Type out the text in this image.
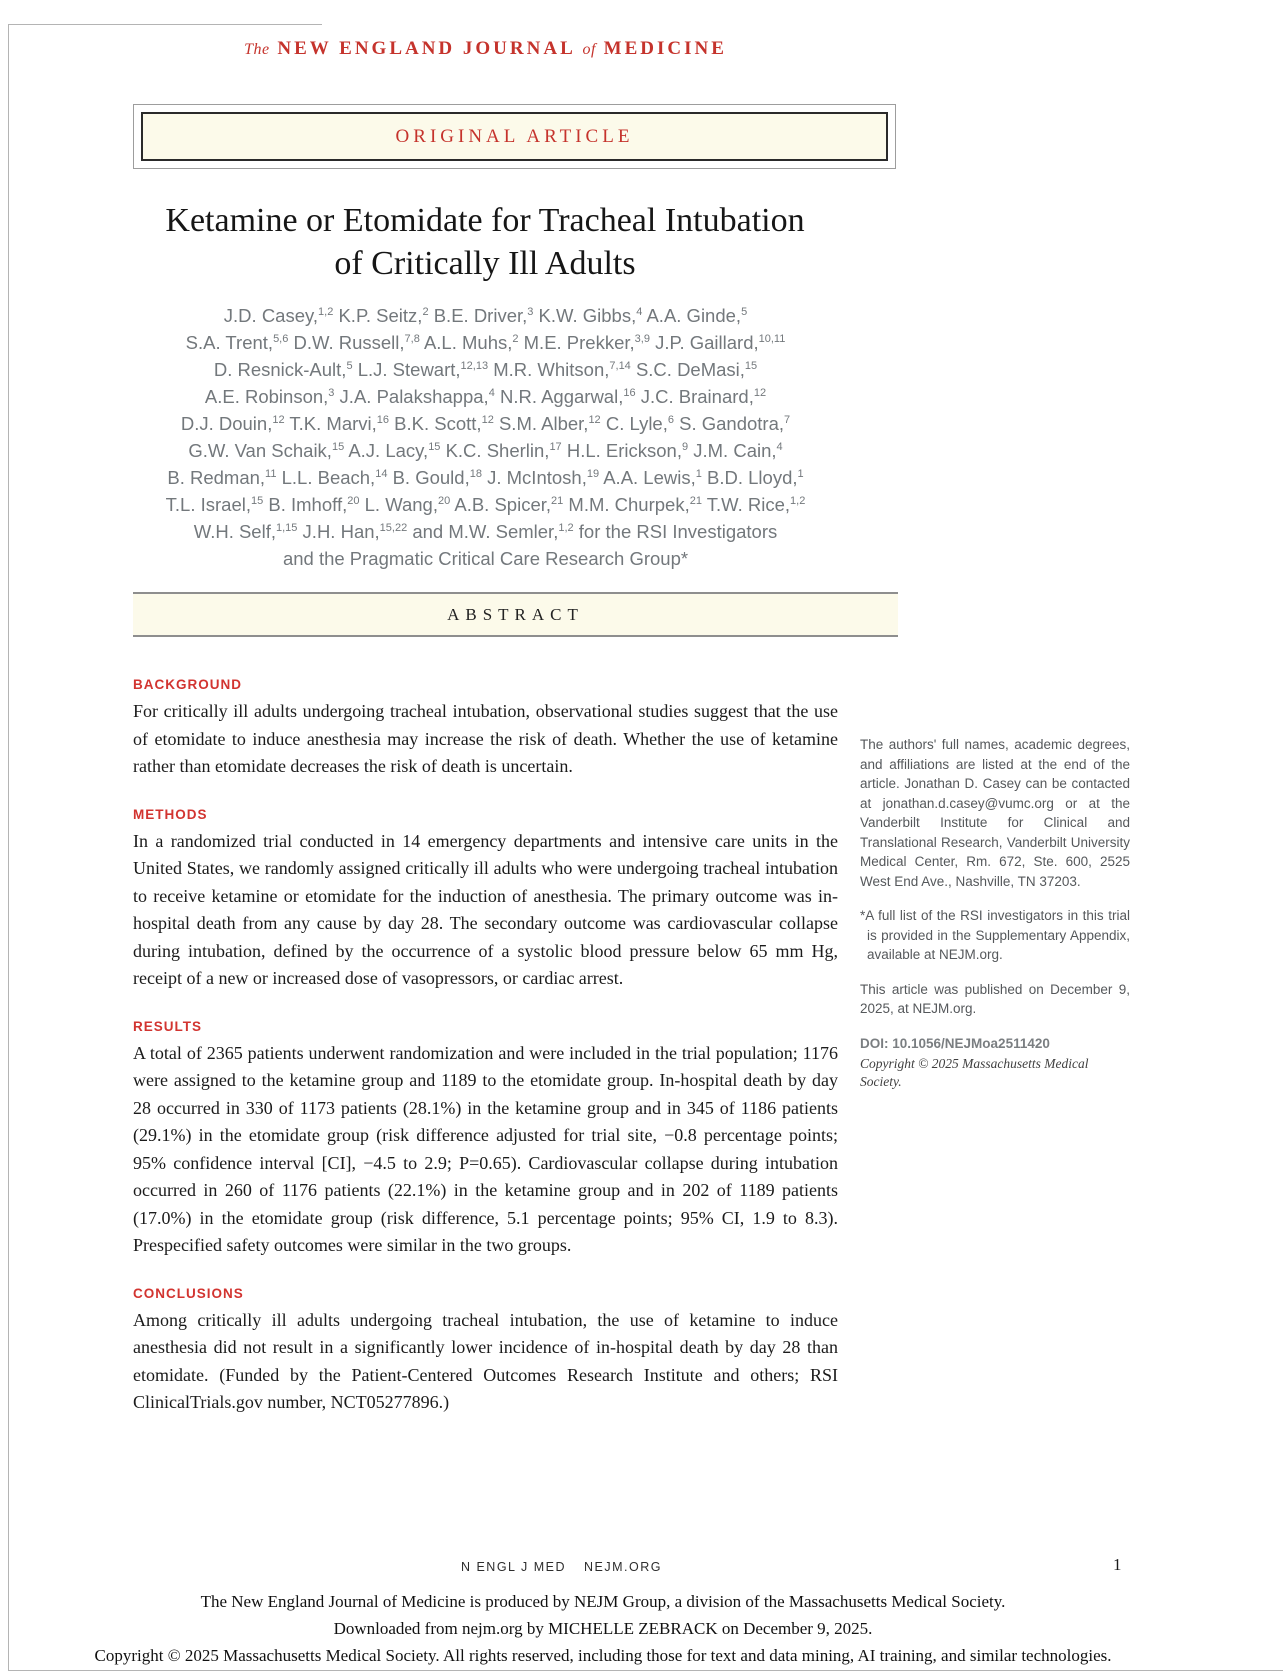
The NEW ENGLAND JOURNAL of MEDICINE
ORIGINAL ARTICLE
Ketamine or Etomidate for Tracheal Intubation of Critically Ill Adults
J.D. Casey,$^{1,2}$ K.P. Seitz,$^2$ B.E. Driver,$^3$ K.W. Gibbs,$^4$ A.A. Ginde,$^5$
S.A. Trent,$^{5,6}$ D.W. Russell,$^{7,8}$ A.L. Muhs,$^2$ M.E. Prekker,$^{3,9}$ J.P. Gaillard,$^{10,11}$
D. Resnick-Ault,$^5$ L.J. Stewart,$^{12,13}$ M.R. Whitson,$^{7,14}$ S.C. DeMasi,$^{15}$
A.E. Robinson,$^3$ J.A. Palakshappa,$^4$ N.R. Aggarwal,$^{16}$ J.C. Brainard,$^{12}$
D.J. Douin,$^{12}$ T.K. Marvi,$^{16}$ B.K. Scott,$^{12}$ S.M. Alber,$^{12}$ C. Lyle,$^6$ S. Gandotra,$^7$
G.W. Van Schaik,$^{15}$ A.J. Lacy,$^{15}$ K.C. Sherlin,$^{17}$ H.L. Erickson,$^9$ J.M. Cain,$^4$
B. Redman,$^{11}$ L.L. Beach,$^{14}$ B. Gould,$^{18}$ J. McIntosh,$^{19}$ A.A. Lewis,$^1$ B.D. Lloyd,$^1$
T.L. Israel,$^{15}$ B. Imhoff,$^{20}$ L. Wang,$^{20}$ A.B. Spicer,$^{21}$ M.M. Churpek,$^{21}$ T.W. Rice,$^{1,2}$
W.H. Self,$^{1,15}$ J.H. Han,$^{15,22}$ and M.W. Semler,$^{1,2}$ for the RSI Investigators
and the Pragmatic Critical Care Research Group*
ABSTRACT
BACKGROUND
For critically ill adults undergoing tracheal intubation, observational studies suggest that the use of etomidate to induce anesthesia may increase the risk of death. Whether the use of ketamine rather than etomidate decreases the risk of death is uncertain.
METHODS
In a randomized trial conducted in 14 emergency departments and intensive care units in the United States, we randomly assigned critically ill adults who were undergoing tracheal intubation to receive ketamine or etomidate for the induction of anesthesia. The primary outcome was in-hospital death from any cause by day 28. The secondary outcome was cardiovascular collapse during intubation, defined by the occurrence of a systolic blood pressure below 65 mm Hg, receipt of a new or increased dose of vasopressors, or cardiac arrest.
RESULTS
A total of 2365 patients underwent randomization and were included in the trial population; 1176 were assigned to the ketamine group and 1189 to the etomidate group. In-hospital death by day 28 occurred in 330 of 1173 patients (28.1%) in the ketamine group and in 345 of 1186 patients (29.1%) in the etomidate group (risk difference adjusted for trial site, −0.8 percentage points; 95% confidence interval [CI], −4.5 to 2.9; P=0.65). Cardiovascular collapse during intubation occurred in 260 of 1176 patients (22.1%) in the ketamine group and in 202 of 1189 patients (17.0%) in the etomidate group (risk difference, 5.1 percentage points; 95% CI, 1.9 to 8.3). Prespecified safety outcomes were similar in the two groups.
CONCLUSIONS
Among critically ill adults undergoing tracheal intubation, the use of ketamine to induce anesthesia did not result in a significantly lower incidence of in-hospital death by day 28 than etomidate. (Funded by the Patient-Centered Outcomes Research Institute and others; RSI ClinicalTrials.gov number, NCT05277896.)
The authors' full names, academic degrees, and affiliations are listed at the end of the article. Jonathan D. Casey can be contacted at jonathan.d.casey@vumc.org or at the Vanderbilt Institute for Clinical and Translational Research, Vanderbilt University Medical Center, Rm. 672, Ste. 600, 2525 West End Ave., Nashville, TN 37203.
*A full list of the RSI investigators in this trial is provided in the Supplementary Appendix, available at NEJM.org.
This article was published on December 9, 2025, at NEJM.org.
DOI: 10.1056/NEJMoa2511420
Copyright © 2025 Massachusetts Medical Society.
N ENGL J MED NEJM.ORG	1
The New England Journal of Medicine is produced by NEJM Group, a division of the Massachusetts Medical Society.
Downloaded from nejm.org by MICHELLE ZEBRACK on December 9, 2025.
Copyright © 2025 Massachusetts Medical Society. All rights reserved, including those for text and data mining, AI training, and similar technologies.
